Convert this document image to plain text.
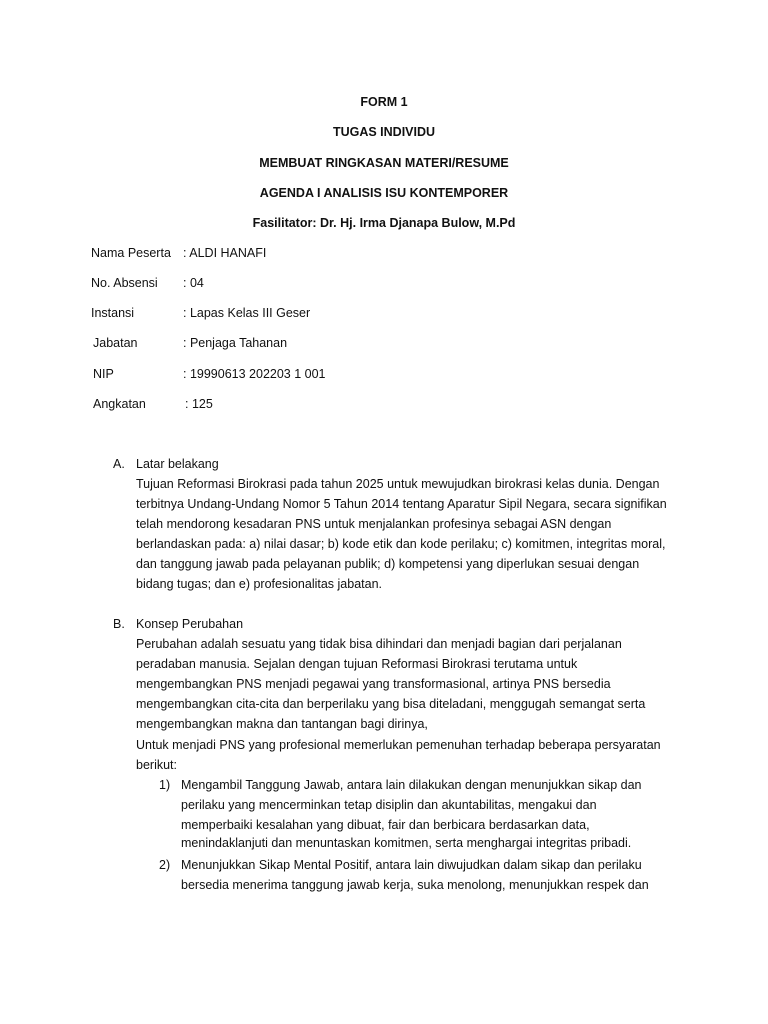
FORM 1
TUGAS INDIVIDU
MEMBUAT RINGKASAN MATERI/RESUME
AGENDA I ANALISIS ISU KONTEMPORER
Fasilitator: Dr. Hj. Irma Djanapa Bulow, M.Pd
Nama Peserta : ALDI HANAFI
No. Absensi : 04
Instansi	: Lapas Kelas III Geser
Jabatan	: Penjaga Tahanan
NIP	: 19990613 202203 1 001
Angkatan	: 125
A. Latar belakang
Tujuan Reformasi Birokrasi pada tahun 2025 untuk mewujudkan birokrasi kelas dunia. Dengan
terbitnya Undang-Undang Nomor 5 Tahun 2014 tentang Aparatur Sipil Negara, secara signifikan
telah mendorong kesadaran PNS untuk menjalankan profesinya sebagai ASN dengan
berlandaskan pada: a) nilai dasar; b) kode etik dan kode perilaku; c) komitmen, integritas moral,
dan tanggung jawab pada pelayanan publik; d) kompetensi yang diperlukan sesuai dengan
bidang tugas; dan e) profesionalitas jabatan.
B. Konsep Perubahan
Perubahan adalah sesuatu yang tidak bisa dihindari dan menjadi bagian dari perjalanan
peradaban manusia. Sejalan dengan tujuan Reformasi Birokrasi terutama untuk
mengembangkan PNS menjadi pegawai yang transformasional, artinya PNS bersedia
mengembangkan cita-cita dan berperilaku yang bisa diteladani, menggugah semangat serta
mengembangkan makna dan tantangan bagi dirinya,
Untuk menjadi PNS yang profesional memerlukan pemenuhan terhadap beberapa persyaratan
berikut:
1) Mengambil Tanggung Jawab, antara lain dilakukan dengan menunjukkan sikap dan
perilaku yang mencerminkan tetap disiplin dan akuntabilitas, mengakui dan
memperbaiki kesalahan yang dibuat, fair dan berbicara berdasarkan data,
menindaklanjuti dan menuntaskan komitmen, serta menghargai integritas pribadi.
2) Menunjukkan Sikap Mental Positif, antara lain diwujudkan dalam sikap dan perilaku
bersedia menerima tanggung jawab kerja, suka menolong, menunjukkan respek dan
